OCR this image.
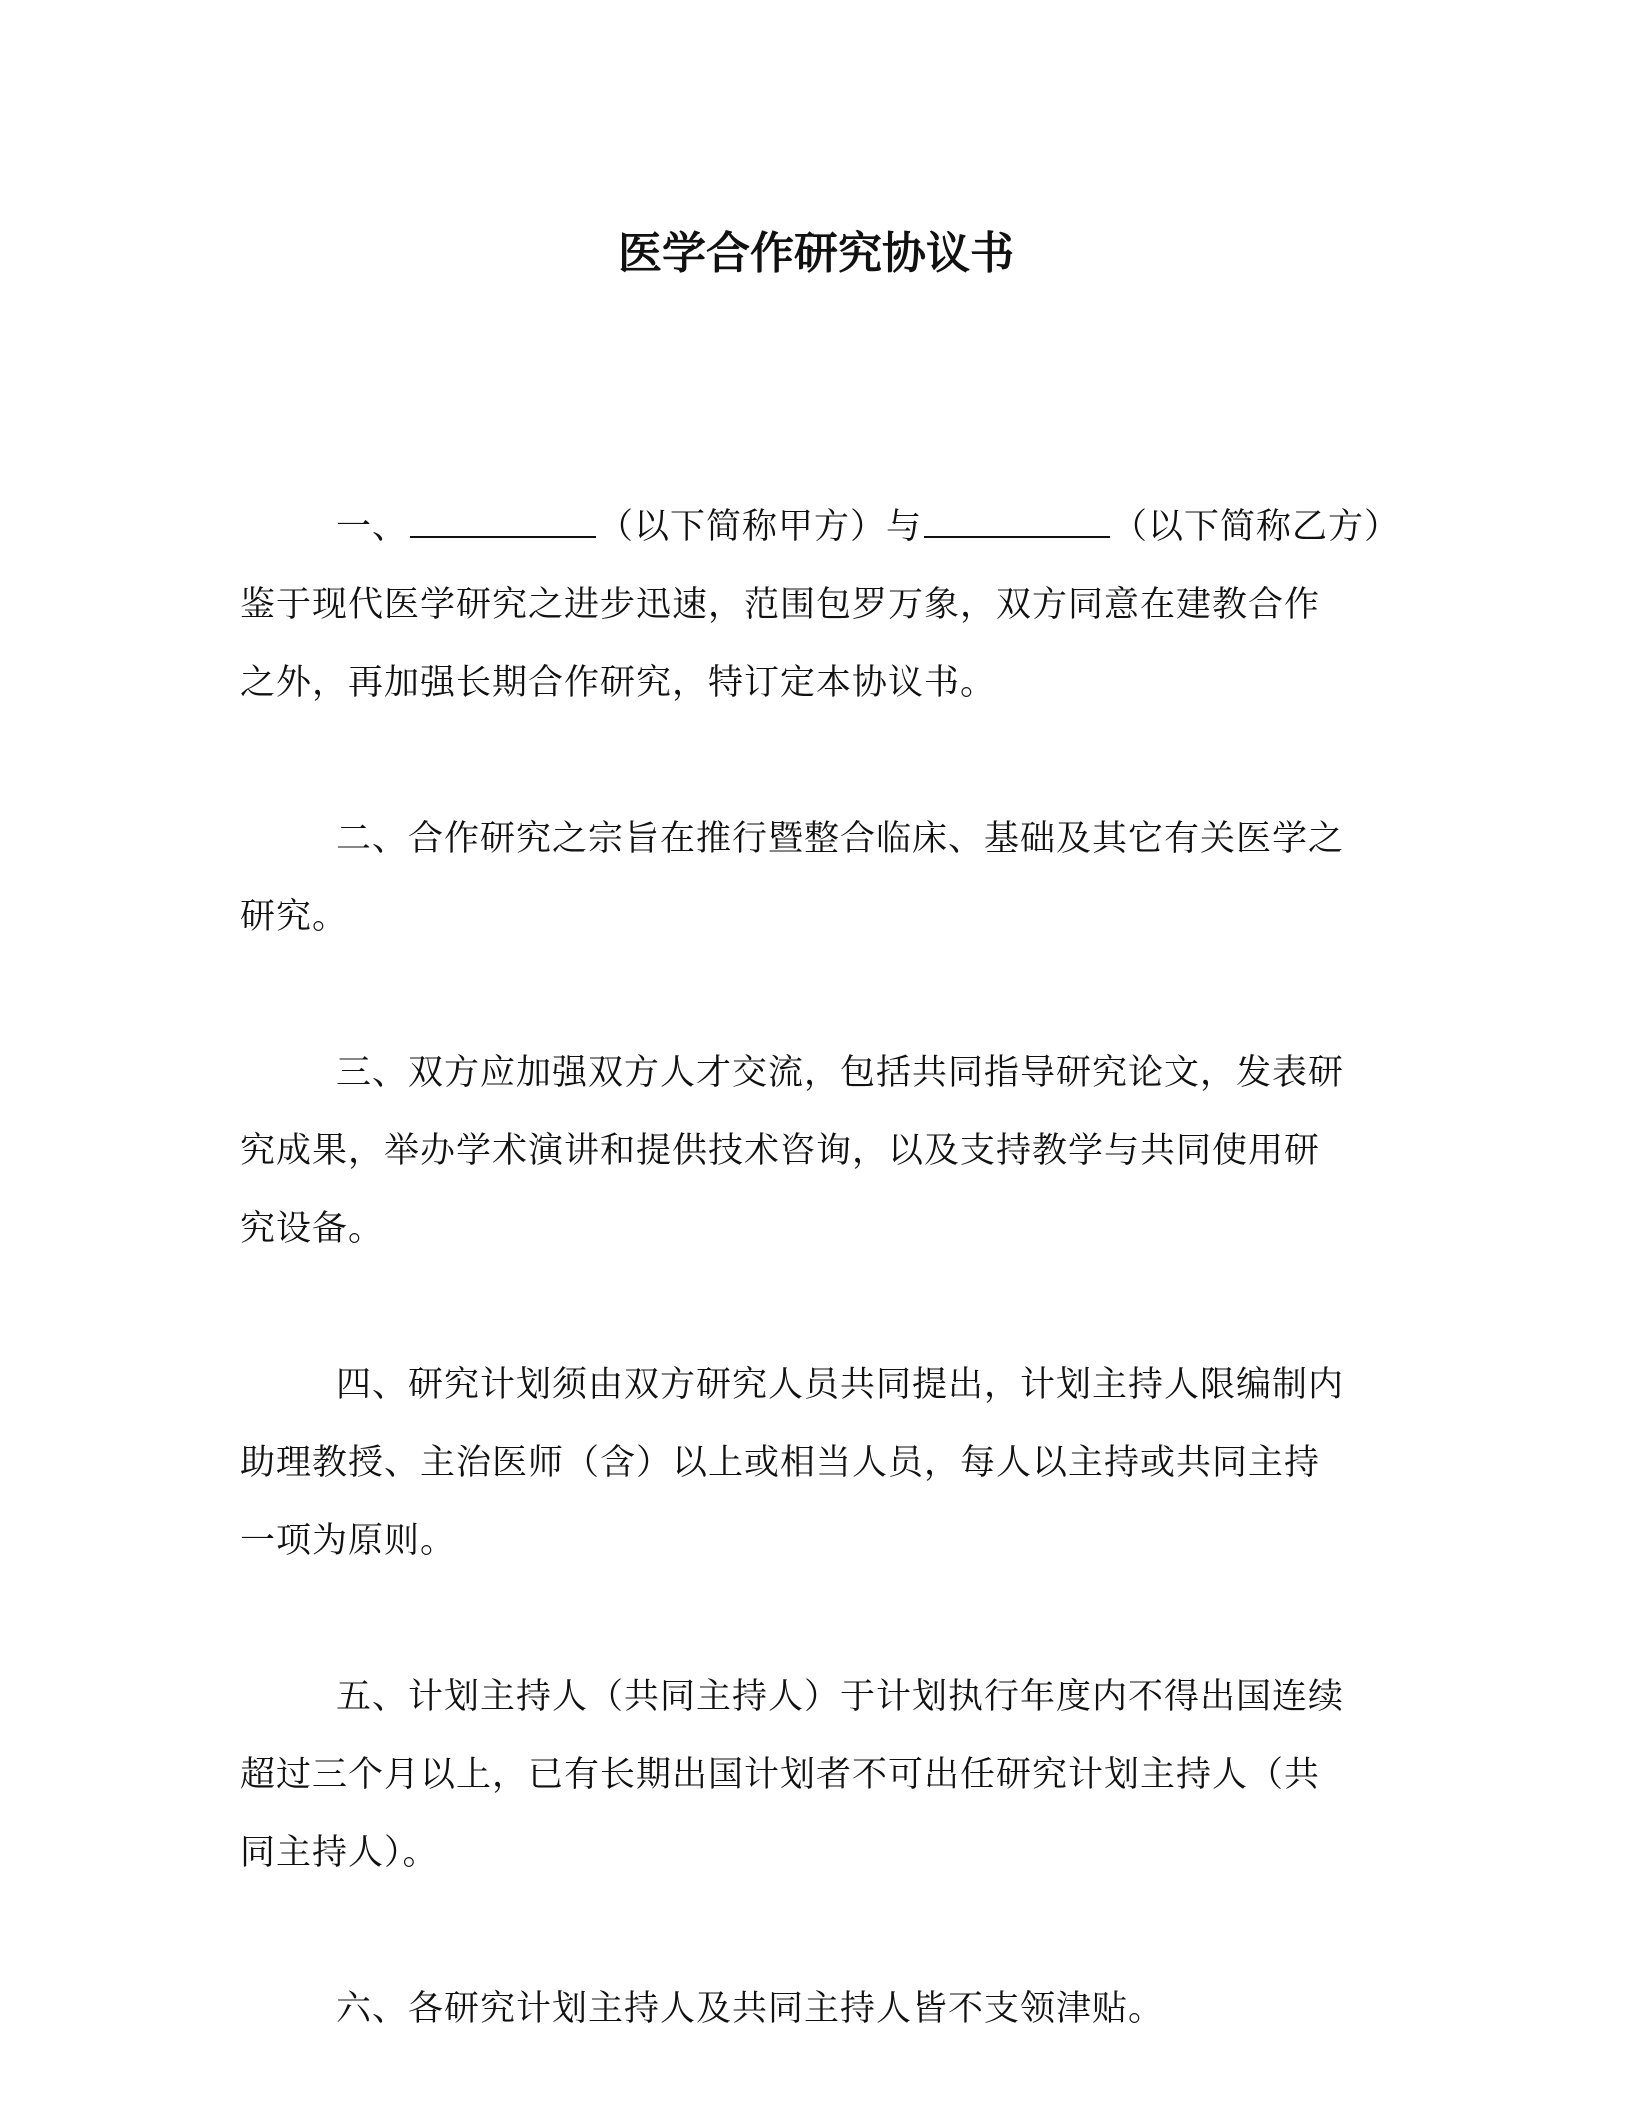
医学合作研究协议书
一、	（以下简称甲方）与	（以下简称乙方）
鉴于现代医学研究之进步迅速，范围包罗万象，双方同意在建教合作
之外，再加强长期合作研究，特订定本协议书。
二、合作研究之宗旨在推行暨整合临床、基础及其它有关医学之
研究。
三、双方应加强双方人才交流，包括共同指导研究论文，发表研
究成果，举办学术演讲和提供技术咨询，以及支持教学与共同使用研
究设备。
四、研究计划须由双方研究人员共同提出，计划主持人限编制内
助理教授、主治医师（含）以上或相当人员，每人以主持或共同主持
一项为原则。
五、计划主持人（共同主持人）于计划执行年度内不得出国连续
超过三个月以上，已有长期出国计划者不可出任研究计划主持人（共
同主持人）。
六、各研究计划主持人及共同主持人皆不支领津贴。
